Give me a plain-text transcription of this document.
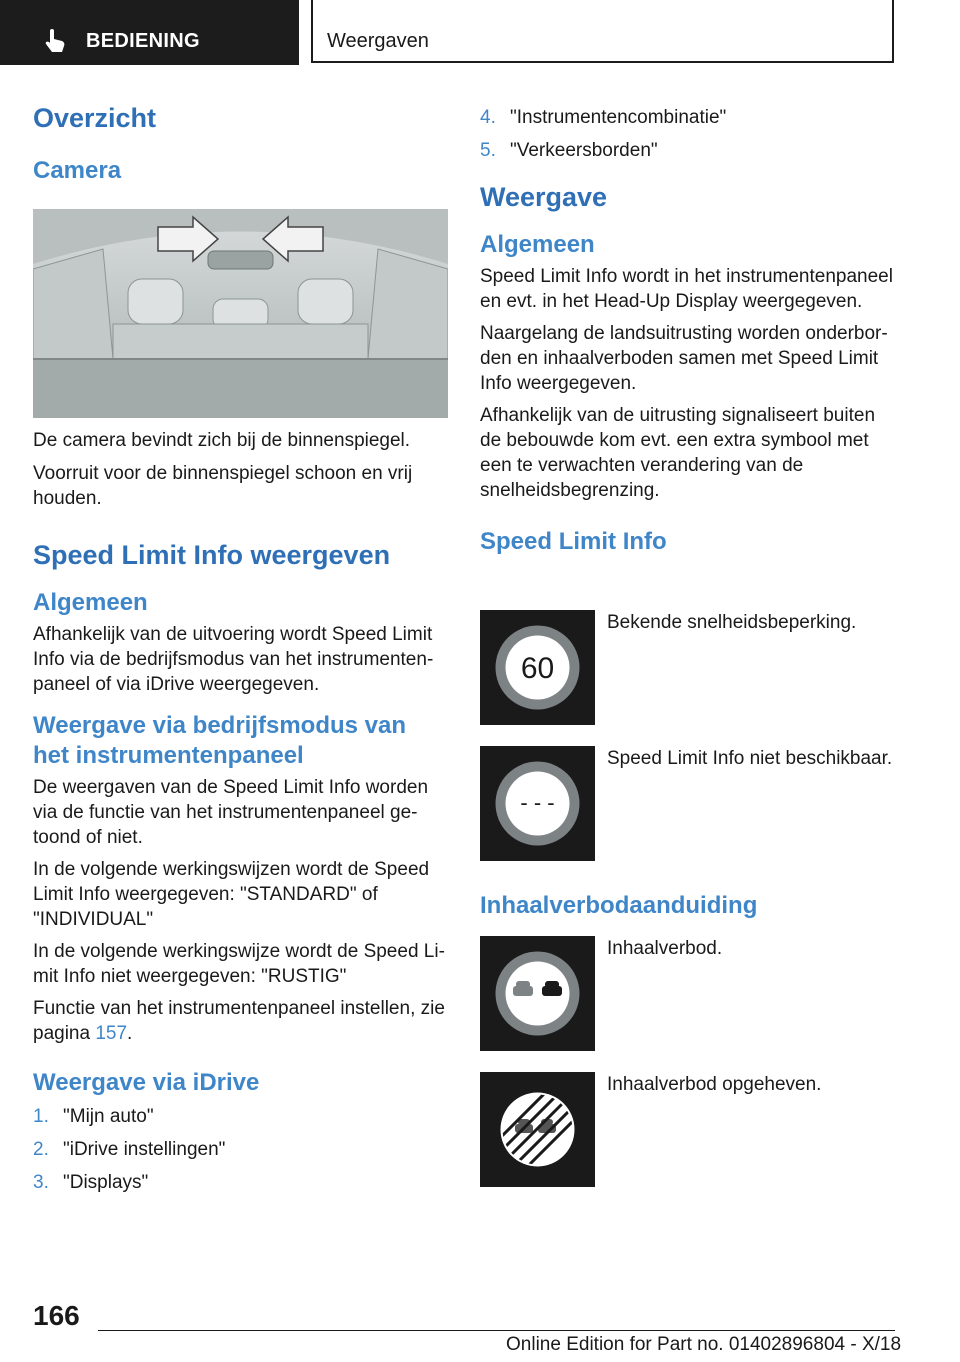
BEDIENING	Weergaven
Overzicht
Camera

De camera bevindt zich bij de binnenspiegel.

Voorruit voor de binnenspiegel schoon en vrij houden.

Speed Limit Info weergeven
Algemeen

Afhankelijk van de uitvoering wordt Speed Limit Info via de bedrijfsmodus van het instrumentenpaneel of via iDrive weergegeven.

Weergave via bedrijfsmodus van het instrumentenpaneel

De weergaven van de Speed Limit Info worden via de functie van het instrumentenpaneel getoond of niet.

In de volgende werkingswijzen wordt de Speed Limit Info weergegeven: "STANDARD" of "INDIVIDUAL"

In de volgende werkingswijze wordt de Speed Limit Info niet weergegeven: "RUSTIG"

Functie van het instrumentenpaneel instellen, zie pagina 157.

Weergave via iDrive
1. "Mijn auto"
2. "iDrive instellingen"
3. "Displays"
4. "Instrumentencombinatie"
5. "Verkeersborden"
Weergave
Algemeen

Speed Limit Info wordt in het instrumentenpaneel en evt. in het Head-Up Display weergegeven.

Naargelang de landsuitrusting worden onderborden en inhaalverboden samen met Speed Limit Info weergegeven.

Afhankelijk van de uitrusting signaliseert buiten de bebouwde kom evt. een extra symbool met een te verwachten verandering van de snelheidsbegrenzing.

Speed Limit Info
60

Bekende snelheidsbeperking.

- - -

Speed Limit Info niet beschikbaar.

Inhaalverbodaanduiding

Inhaalverbod.

Inhaalverbod opgeheven.

166
Online Edition for Part no. 01402896804 - X/18
